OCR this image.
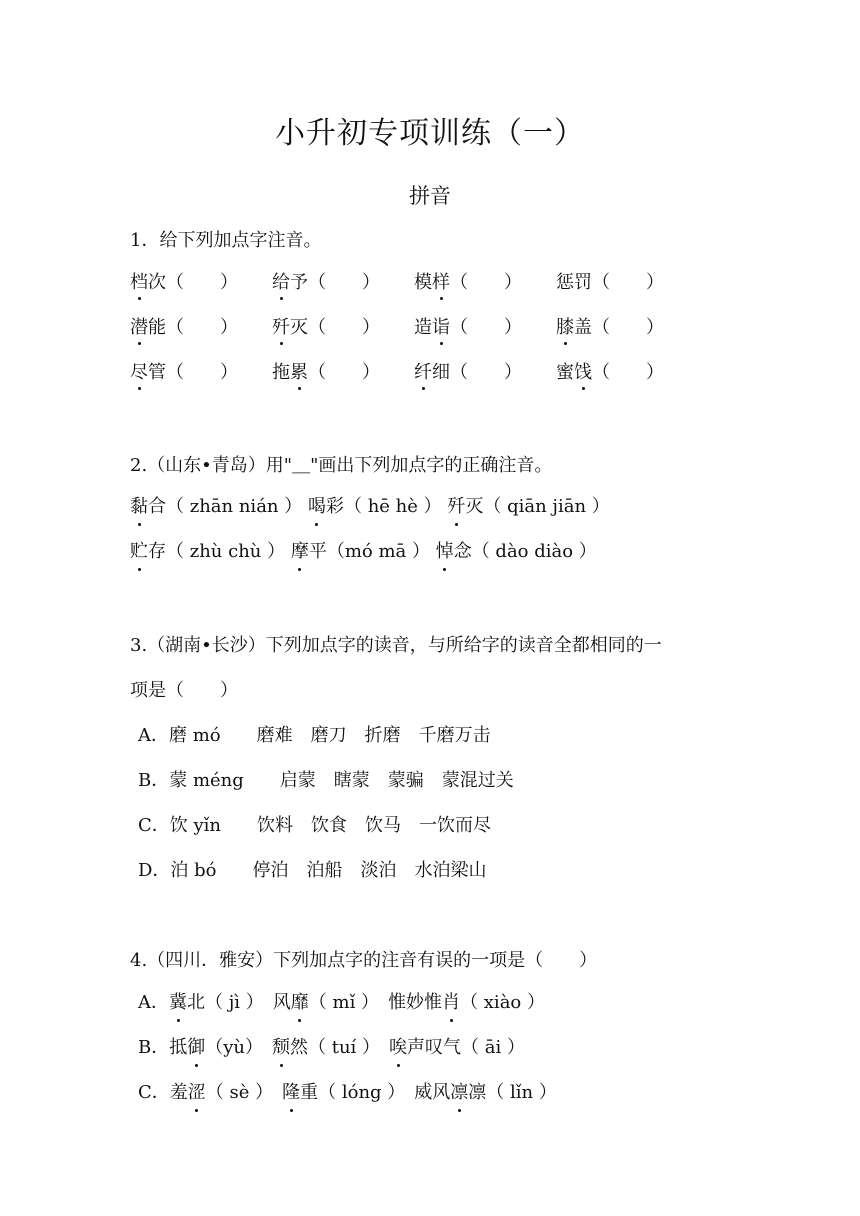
小升初专项训练（一）
拼音
1．给下列加点字注音。
档次（　　） 给予（　　） 模样（　　） 惩罚（　　）
潜能（　　） 歼灭（　　） 造诣（　　） 膝盖（　　）
尽管（　　） 拖累（　　） 纤细（　　） 蜜饯（　　）
2.（山东•青岛）用"＿"画出下列加点字的正确注音。
黏合（ zhān nián ） 喝彩（ hē hè ） 歼灭（ qiān jiān ）
贮存（ zhù chù ） 摩平（mó mā ） 悼念（ dào diào ）
3.（湖南•长沙）下列加点字的读音，与所给字的读音全都相同的一
项是（　　）
A．磨 mó　　磨难　磨刀　折磨　千磨万击
B．蒙 méng　　启蒙　瞎蒙　蒙骗　蒙混过关
C．饮 yǐn　　饮料　饮食　饮马　一饮而尽
D．泊 bó　　停泊　泊船　淡泊　水泊梁山
4.（四川．雅安）下列加点字的注音有误的一项是（　　）
A．冀北（ jì ）　风靡（ mǐ ）　惟妙惟肖（ xiào ）
B．抵御（yù）　颓然（ tuí ）　唉声叹气（ āi ）
C．羞涩（ sè ）　隆重（ lóng ）　威风凛凛（ lǐn ）
